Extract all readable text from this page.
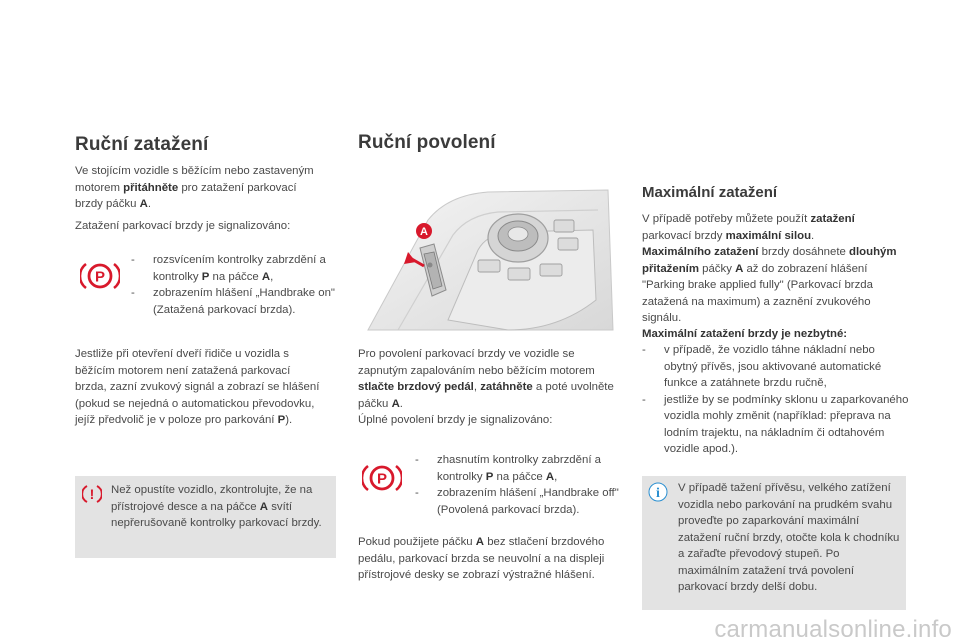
Ruční zatažení

Ve stojícím vozidle s běžícím nebo zastaveným motorem přitáhněte pro zatažení parkovací brzdy páčku A.

Zatažení parkovací brzdy je signalizováno:

P
- rozsvícením kontrolky zabrzdění a kontrolky P na páčce A,
- zobrazením hlášení „Handbrake on" (Zatažená parkovací brzda).

Jestliže při otevření dveří řidiče u vozidla s běžícím motorem není zatažená parkovací brzda, zazní zvukový signál a zobrazí se hlášení (pokud se nejedná o automatickou převodovku, jejíž předvolič je v poloze pro parkování P).

! Než opustíte vozidlo, zkontrolujte, že na přístrojové desce a na páčce A svítí nepřerušovaně kontrolky parkovací brzdy.

Ruční povolení
A

Pro povolení parkovací brzdy ve vozidle se zapnutým zapalováním nebo běžícím motorem stlačte brzdový pedál, zatáhněte a poté uvolněte páčku A.

Úplné povolení brzdy je signalizováno:

P
- zhasnutím kontrolky zabrzdění a kontrolky P na páčce A,
- zobrazením hlášení „Handbrake off" (Povolená parkovací brzda).

Pokud použijete páčku A bez stlačení brzdového pedálu, parkovací brzda se neuvolní a na displeji přístrojové desky se zobrazí výstražné hlášení.

Maximální zatažení

V případě potřeby můžete použít zatažení parkovací brzdy maximální silou.

Maximálního zatažení brzdy dosáhnete dlouhým přitažením páčky A až do zobrazení hlášení "Parking brake applied fully" (Parkovací brzda zatažená na maximum) a zaznění zvukového signálu.

Maximální zatažení brzdy je nezbytné:

- v případě, že vozidlo táhne nákladní nebo obytný přívěs, jsou aktivované automatické funkce a zatáhnete brzdu ručně,
- jestliže by se podmínky sklonu u zaparkovaného vozidla mohly změnit (například: přeprava na lodním trajektu, na nákladním či odtahovém vozidle apod.).
i V případě tažení přívěsu, velkého zatížení vozidla nebo parkování na prudkém svahu proveďte po zaparkování maximální zatažení ruční brzdy, otočte kola k chodníku a zařaďte převodový stupeň. Po maximálním zatažení trvá povolení parkovací brzdy delší dobu.

carmanualsonline.info
